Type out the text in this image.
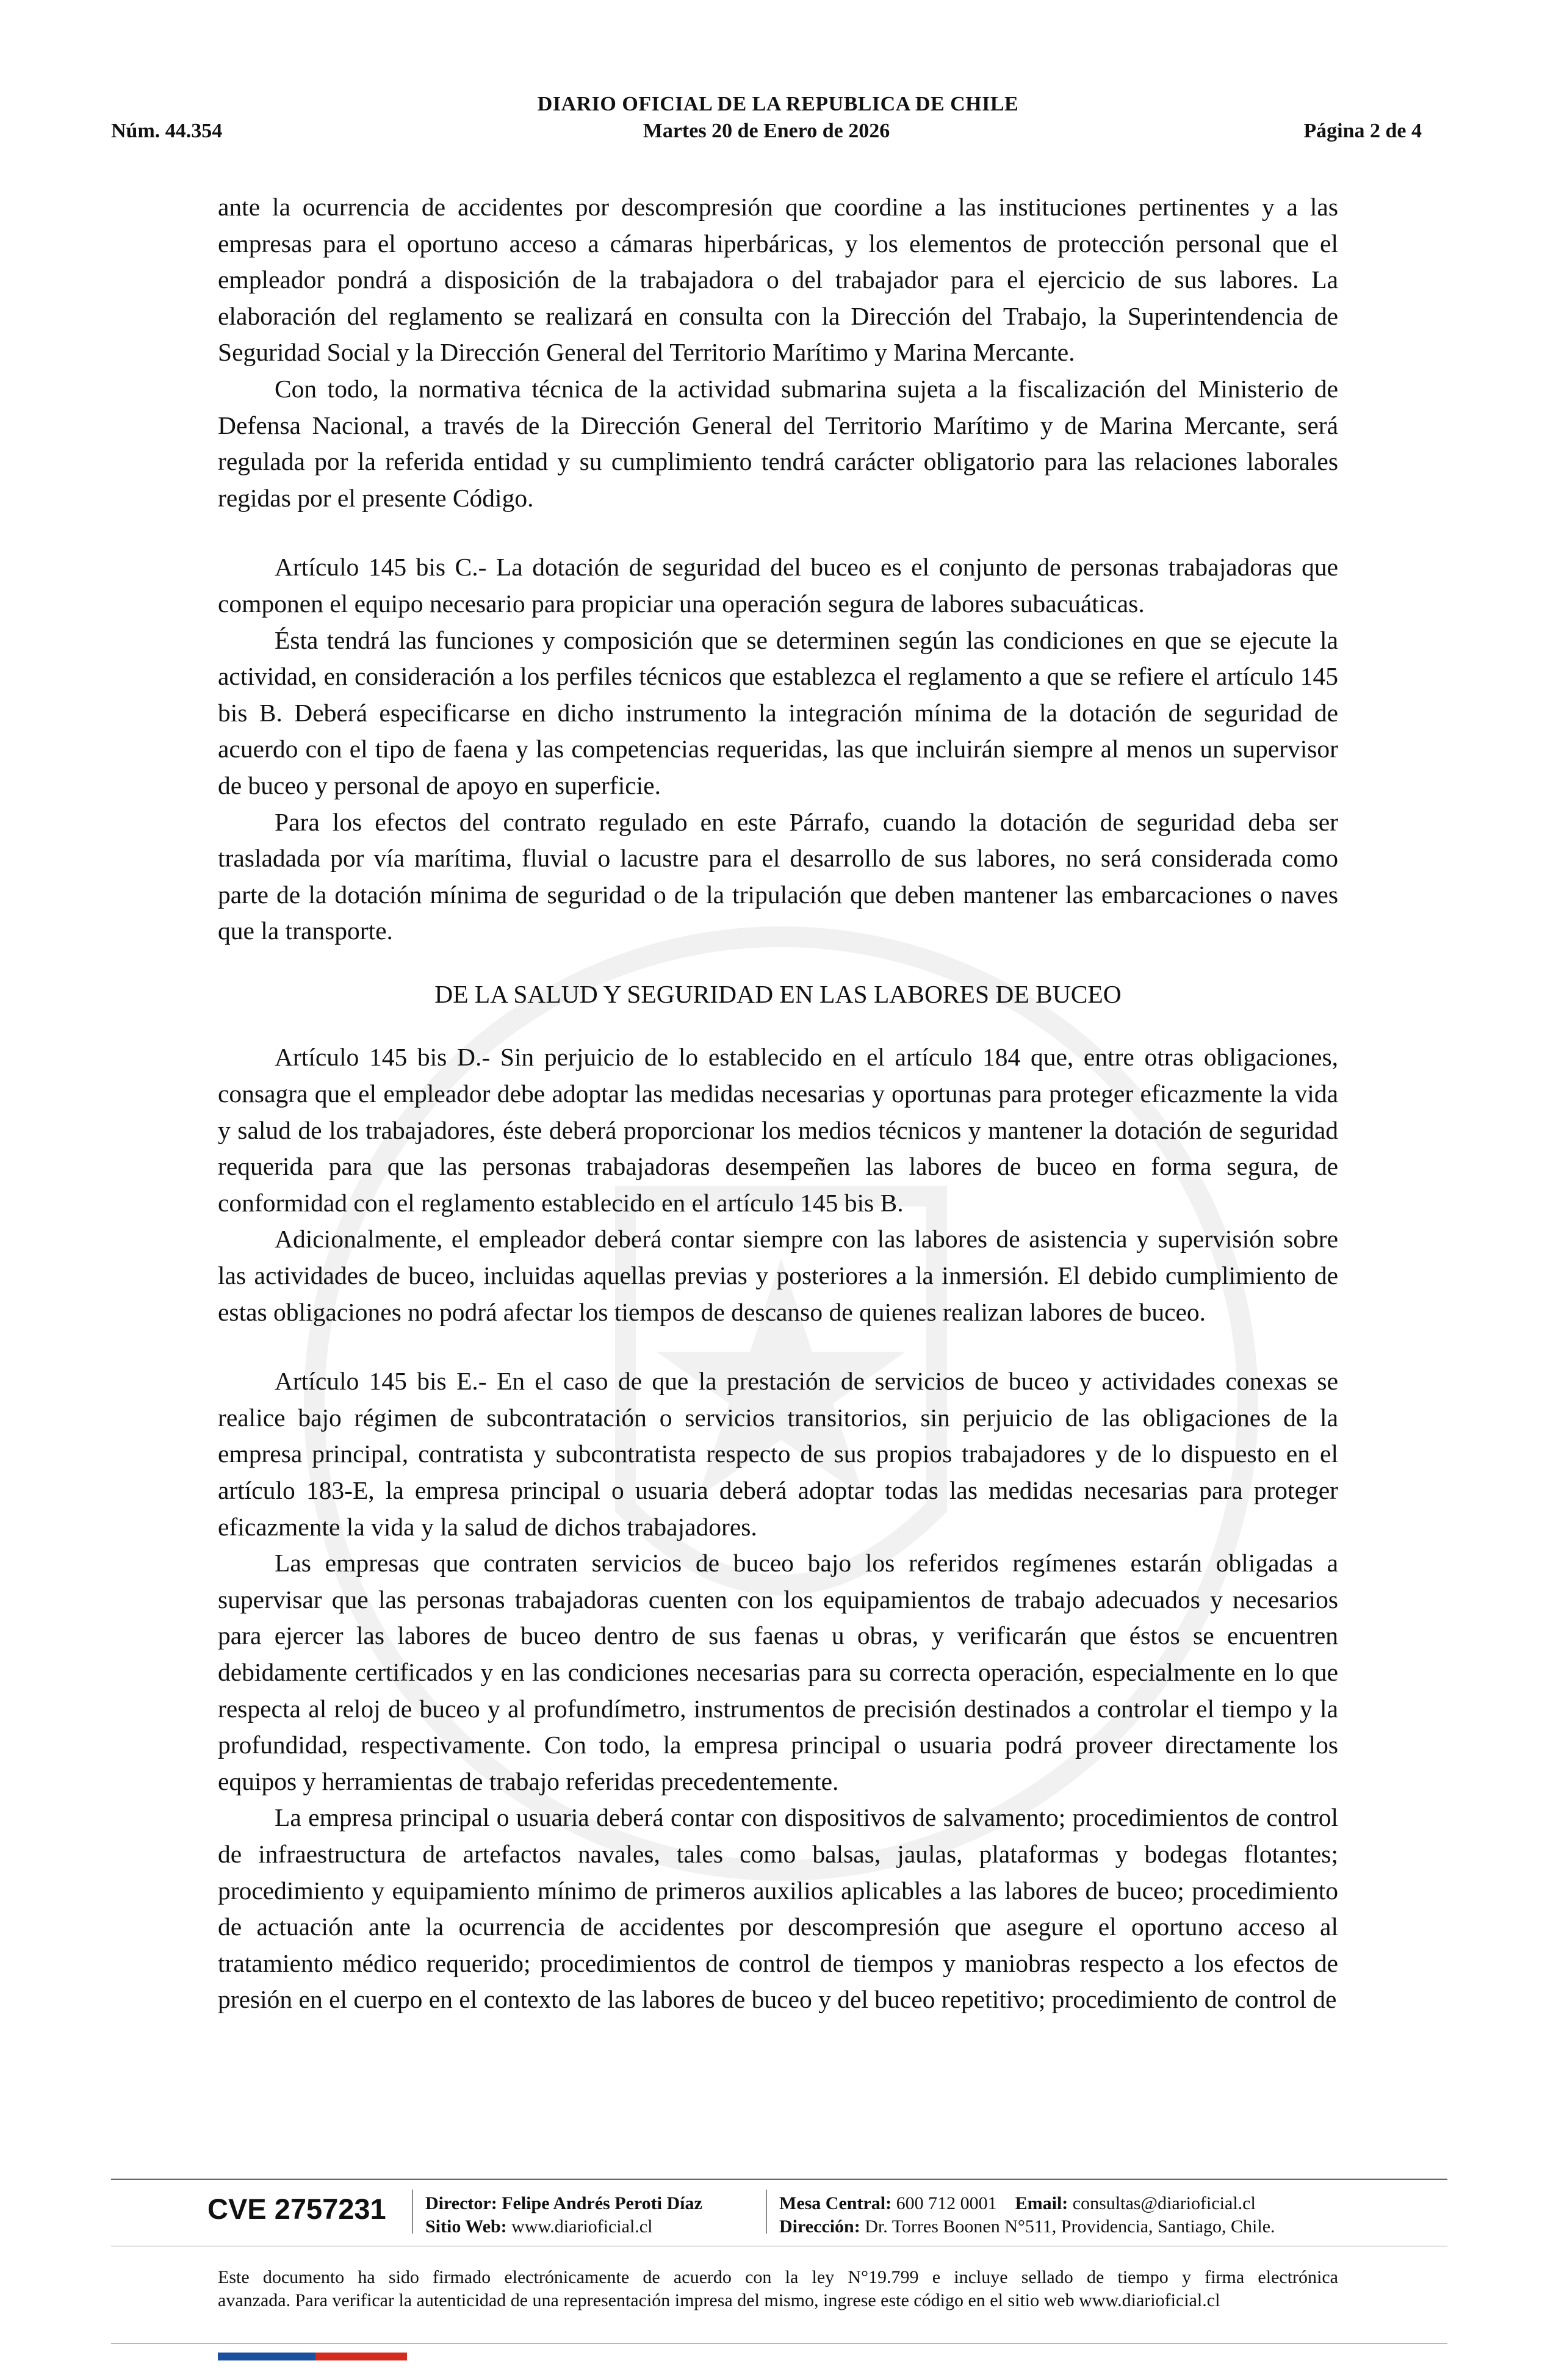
DIARIO OFICIAL DE LA REPUBLICA DE CHILE
Martes 20 de Enero de 2026
Núm. 44.354	Página 2 de 4

ante la ocurrencia de accidentes por descompresión que coordine a las instituciones pertinentes y a las empresas para el oportuno acceso a cámaras hiperbáricas, y los elementos de protección personal que el empleador pondrá a disposición de la trabajadora o del trabajador para el ejercicio de sus labores. La elaboración del reglamento se realizará en consulta con la Dirección del Trabajo, la Superintendencia de Seguridad Social y la Dirección General del Territorio Marítimo y Marina Mercante.

Con todo, la normativa técnica de la actividad submarina sujeta a la fiscalización del Ministerio de Defensa Nacional, a través de la Dirección General del Territorio Marítimo y de Marina Mercante, será regulada por la referida entidad y su cumplimiento tendrá carácter obligatorio para las relaciones laborales regidas por el presente Código.

Artículo 145 bis C.- La dotación de seguridad del buceo es el conjunto de personas trabajadoras que componen el equipo necesario para propiciar una operación segura de labores subacuáticas.

Ésta tendrá las funciones y composición que se determinen según las condiciones en que se ejecute la actividad, en consideración a los perfiles técnicos que establezca el reglamento a que se refiere el artículo 145 bis B. Deberá especificarse en dicho instrumento la integración mínima de la dotación de seguridad de acuerdo con el tipo de faena y las competencias requeridas, las que incluirán siempre al menos un supervisor de buceo y personal de apoyo en superficie.

Para los efectos del contrato regulado en este Párrafo, cuando la dotación de seguridad deba ser trasladada por vía marítima, fluvial o lacustre para el desarrollo de sus labores, no será considerada como parte de la dotación mínima de seguridad o de la tripulación que deben mantener las embarcaciones o naves que la transporte.

DE LA SALUD Y SEGURIDAD EN LAS LABORES DE BUCEO

Artículo 145 bis D.- Sin perjuicio de lo establecido en el artículo 184 que, entre otras obligaciones, consagra que el empleador debe adoptar las medidas necesarias y oportunas para proteger eficazmente la vida y salud de los trabajadores, éste deberá proporcionar los medios técnicos y mantener la dotación de seguridad requerida para que las personas trabajadoras desempeñen las labores de buceo en forma segura, de conformidad con el reglamento establecido en el artículo 145 bis B.

Adicionalmente, el empleador deberá contar siempre con las labores de asistencia y supervisión sobre las actividades de buceo, incluidas aquellas previas y posteriores a la inmersión. El debido cumplimiento de estas obligaciones no podrá afectar los tiempos de descanso de quienes realizan labores de buceo.

Artículo 145 bis E.- En el caso de que la prestación de servicios de buceo y actividades conexas se realice bajo régimen de subcontratación o servicios transitorios, sin perjuicio de las obligaciones de la empresa principal, contratista y subcontratista respecto de sus propios trabajadores y de lo dispuesto en el artículo 183-E, la empresa principal o usuaria deberá adoptar todas las medidas necesarias para proteger eficazmente la vida y la salud de dichos trabajadores.

Las empresas que contraten servicios de buceo bajo los referidos regímenes estarán obligadas a supervisar que las personas trabajadoras cuenten con los equipamientos de trabajo adecuados y necesarios para ejercer las labores de buceo dentro de sus faenas u obras, y verificarán que éstos se encuentren debidamente certificados y en las condiciones necesarias para su correcta operación, especialmente en lo que respecta al reloj de buceo y al profundímetro, instrumentos de precisión destinados a controlar el tiempo y la profundidad, respectivamente. Con todo, la empresa principal o usuaria podrá proveer directamente los equipos y herramientas de trabajo referidas precedentemente.

La empresa principal o usuaria deberá contar con dispositivos de salvamento; procedimientos de control de infraestructura de artefactos navales, tales como balsas, jaulas, plataformas y bodegas flotantes; procedimiento y equipamiento mínimo de primeros auxilios aplicables a las labores de buceo; procedimiento de actuación ante la ocurrencia de accidentes por descompresión que asegure el oportuno acceso al tratamiento médico requerido; procedimientos de control de tiempos y maniobras respecto a los efectos de presión en el cuerpo en el contexto de las labores de buceo y del buceo repetitivo; procedimiento de control de

CVE 2757231 Director: Felipe Andrés Peroti Díaz
Sitio Web: www.diarioficial.cl
Mesa Central: 600 712 0001 Email: consultas@diarioficial.cl
Dirección: Dr. Torres Boonen N°511, Providencia, Santiago, Chile.
Este documento ha sido firmado electrónicamente de acuerdo con la ley N°19.799 e incluye sellado de tiempo y firma electrónica
avanzada. Para verificar la autenticidad de una representación impresa del mismo, ingrese este código en el sitio web www.diarioficial.cl
